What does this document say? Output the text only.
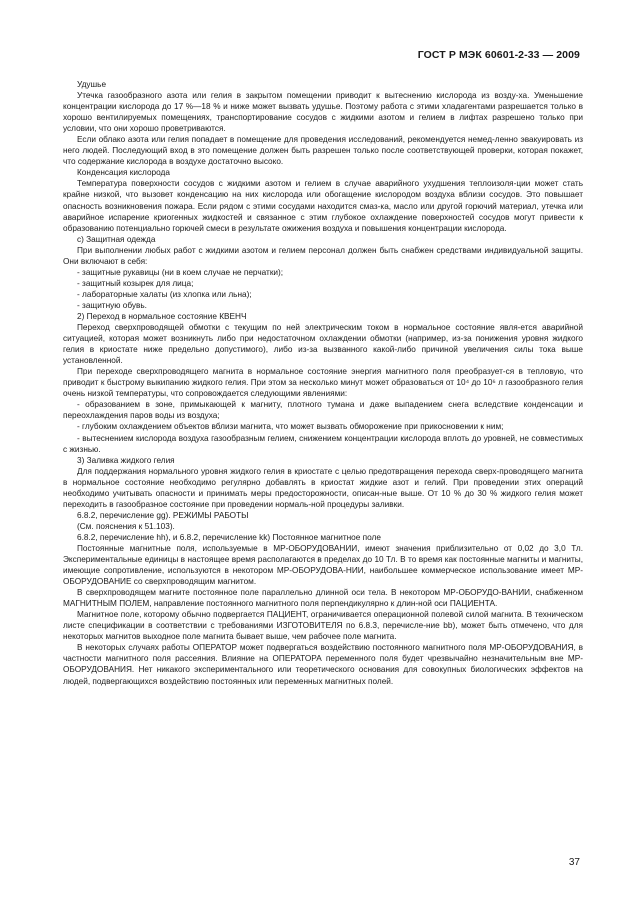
ГОСТ Р МЭК 60601-2-33 — 2009

Удушье

Утечка газообразного азота или гелия в закрытом помещении приводит к вытеснению кислорода из возду-ха. Уменьшение концентрации кислорода до 17 %—18 % и ниже может вызвать удушье. Поэтому работа с этими хладагентами разрешается только в хорошо вентилируемых помещениях, транспортирование сосудов с жидкими азотом и гелием в лифтах разрешено только при условии, что они хорошо проветриваются.

Если облако азота или гелия попадает в помещение для проведения исследований, рекомендуется немед-ленно эвакуировать из него людей. Последующий вход в это помещение должен быть разрешен только после соответствующей проверки, которая покажет, что содержание кислорода в воздухе достаточно высоко.

Конденсация кислорода

Температура поверхности сосудов с жидкими азотом и гелием в случае аварийного ухудшения теплоизоля-ции может стать крайне низкой, что вызовет конденсацию на них кислорода или обогащение кислородом воздуха вблизи сосудов. Это повышает опасность возникновения пожара. Если рядом с этими сосудами находится смаз-ка, масло или другой горючий материал, утечка или аварийное испарение криогенных жидкостей и связанное с этим глубокое охлаждение поверхностей сосудов могут привести к образованию потенциально горючей смеси в результате ожижения воздуха и повышения концентрации кислорода.

с) Защитная одежда

При выполнении любых работ с жидкими азотом и гелием персонал должен быть снабжен средствами индивидуальной защиты. Они включают в себя:

- защитные рукавицы (ни в коем случае не перчатки);

- защитный козырек для лица;

- лабораторные халаты (из хлопка или льна);

- защитную обувь.

2) Переход в нормальное состояние КВЕНЧ

Переход сверхпроводящей обмотки с текущим по ней электрическим током в нормальное состояние явля-ется аварийной ситуацией, которая может возникнуть либо при недостаточном охлаждении обмотки (например, из-за понижения уровня жидкого гелия в криостате ниже предельно допустимого), либо из-за вызванного какой-либо причиной увеличения силы тока выше установленной.

При переходе сверхпроводящего магнита в нормальное состояние энергия магнитного поля преобразует-ся в тепловую, что приводит к быстрому выкипанию жидкого гелия. При этом за несколько минут может образоваться от 10⁴ до 10⁶ л газообразного гелия очень низкой температуры, что сопровождается следующими явлениями:

- образованием в зоне, примыкающей к магниту, плотного тумана и даже выпадением снега вследствие конденсации и переохлаждения паров воды из воздуха;

- глубоким охлаждением объектов вблизи магнита, что может вызвать обморожение при прикосновении к ним;

- вытеснением кислорода воздуха газообразным гелием, снижением концентрации кислорода вплоть до уровней, не совместимых с жизнью.

3) Заливка жидкого гелия

Для поддержания нормального уровня жидкого гелия в криостате с целью предотвращения перехода сверх-проводящего магнита в нормальное состояние необходимо регулярно добавлять в криостат жидкие азот и гелий. При проведении этих операций необходимо учитывать опасности и принимать меры предосторожности, описан-ные выше. От 10 % до 30 % жидкого гелия может переходить в газообразное состояние при проведении нормаль-ной процедуры заливки.

6.8.2, перечисление gg). РЕЖИМЫ РАБОТЫ

(См. пояснения к 51.103).

6.8.2, перечисление hh), и 6.8.2, перечисление kk) Постоянное магнитное поле

Постоянные магнитные поля, используемые в МР-ОБОРУДОВАНИИ, имеют значения приблизительно от 0,02 до 3,0 Тл. Экспериментальные единицы в настоящее время располагаются в пределах до 10 Тл. В то время как постоянные магниты и магниты, имеющие сопротивление, используются в некотором МР-ОБОРУДОВА-НИИ, наибольшее коммерческое использование имеет МР-ОБОРУДОВАНИЕ со сверхпроводящим магнитом.

В сверхпроводящем магните постоянное поле параллельно длинной оси тела. В некотором МР-ОБОРУДО-ВАНИИ, снабженном МАГНИТНЫМ ПОЛЕМ, направление постоянного магнитного поля перпендикулярно к длин-ной оси ПАЦИЕНТА.

Магнитное поле, которому обычно подвергается ПАЦИЕНТ, ограничивается операционной полевой силой магнита. В техническом листе спецификации в соответствии с требованиями ИЗГОТОВИТЕЛЯ по 6.8.3, перечисле-ние bb), может быть отмечено, что для некоторых магнитов выходное поле магнита бывает выше, чем рабочее поле магнита.

В некоторых случаях работы ОПЕРАТОР может подвергаться воздействию постоянного магнитного поля МР-ОБОРУДОВАНИЯ, в частности магнитного поля рассеяния. Влияние на ОПЕРАТОРА переменного поля будет чрезвычайно незначительным вне МР-ОБОРУДОВАНИЯ. Нет никакого экспериментального или теоретического основания для совокупных биологических эффектов на людей, подвергающихся воздействию постоянных или переменных магнитных полей.

37
